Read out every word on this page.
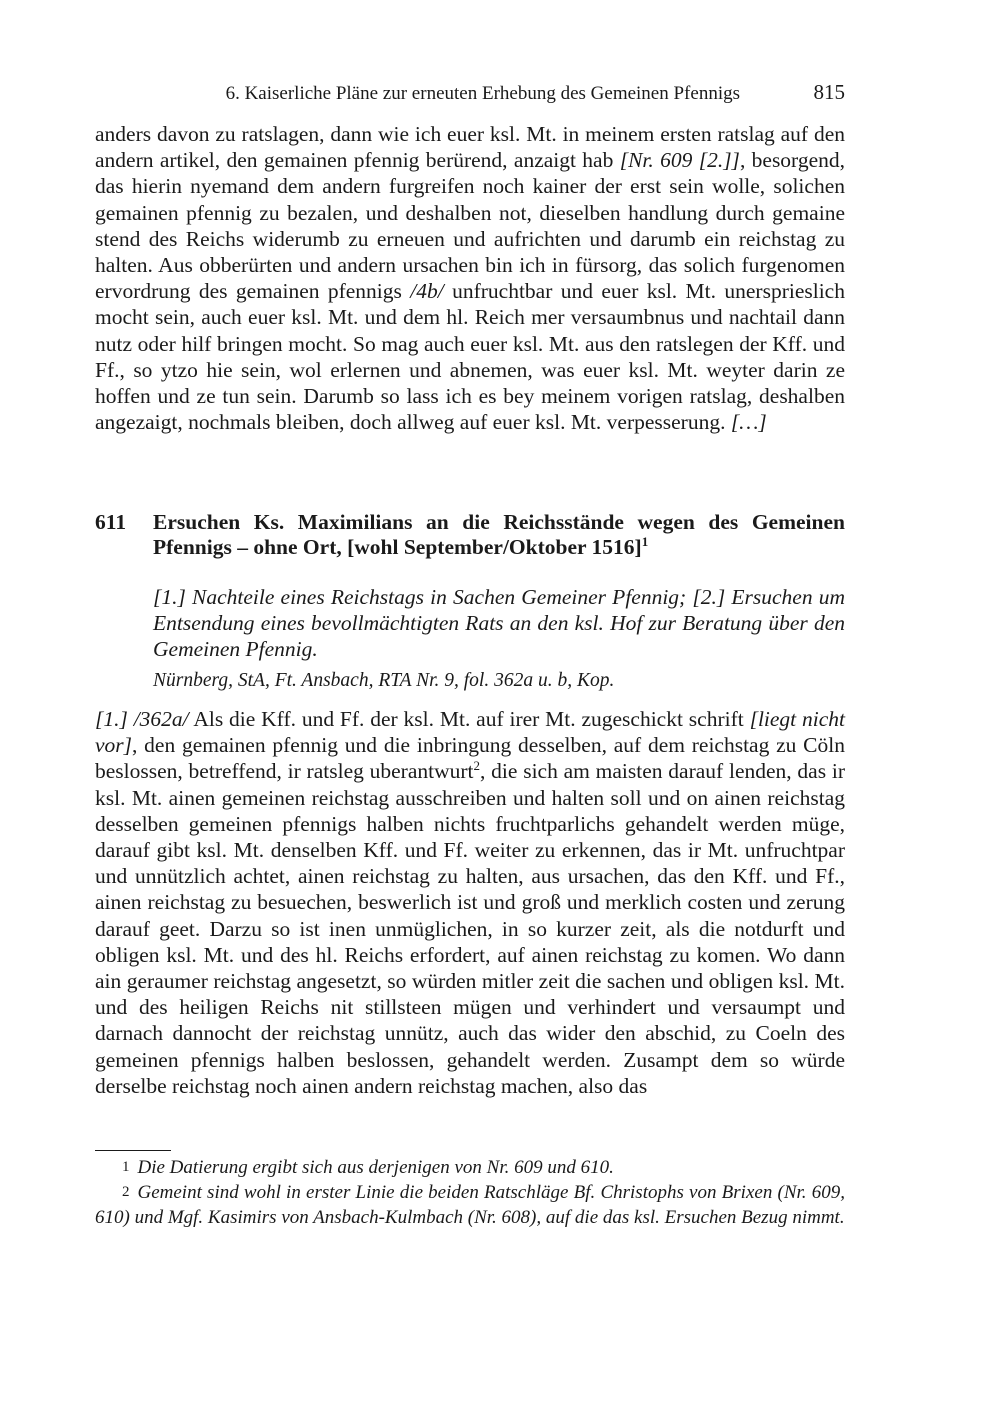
6. Kaiserliche Pläne zur erneuten Erhebung des Gemeinen Pfennigs	815

anders davon zu ratslagen, dann wie ich euer ksl. Mt. in meinem ersten ratslag auf den andern artikel, den gemainen pfennig berürend, anzaigt hab [Nr. 609 [2.]], besorgend, das hierin nyemand dem andern furgreifen noch kainer der erst sein wolle, solichen gemainen pfennig zu bezalen, und deshalben not, dieselben handlung durch gemaine stend des Reichs widerumb zu erneuen und aufrichten und darumb ein reichstag zu halten. Aus obberürten und andern ursachen bin ich in fürsorg, das solich furgenomen ervordrung des gemainen pfennigs /4b/ unfruchtbar und euer ksl. Mt. unersprieslich mocht sein, auch euer ksl. Mt. und dem hl. Reich mer versaumbnus und nachtail dann nutz oder hilf bringen mocht. So mag auch euer ksl. Mt. aus den ratslegen der Kff. und Ff., so ytzo hie sein, wol erlernen und abnemen, was euer ksl. Mt. weyter darin ze hoffen und ze tun sein. Darumb so lass ich es bey meinem vorigen ratslag, deshalben angezaigt, nochmals bleiben, doch allweg auf euer ksl. Mt. verpesserung. […]

611 Ersuchen Ks. Maximilians an die Reichsstände wegen des Gemeinen Pfennigs – ohne Ort, [wohl September/Oktober 1516]$^1$
[1.] Nachteile eines Reichstags in Sachen Gemeiner Pfennig; [2.] Ersuchen um Entsendung eines bevollmächtigten Rats an den ksl. Hof zur Beratung über den Gemeinen Pfennig.
Nürnberg, StA, Ft. Ansbach, RTA Nr. 9, fol. 362a u. b, Kop.

[1.] /362a/ Als die Kff. und Ff. der ksl. Mt. auf irer Mt. zugeschickt schrift [liegt nicht vor], den gemainen pfennig und die inbringung desselben, auf dem reichstag zu Cöln beslossen, betreffend, ir ratsleg uberantwurt$^2$, die sich am maisten darauf lenden, das ir ksl. Mt. ainen gemeinen reichstag ausschreiben und halten soll und on ainen reichstag desselben gemeinen pfennigs halben nichts fruchtparlichs gehandelt werden müge, darauf gibt ksl. Mt. denselben Kff. und Ff. weiter zu erkennen, das ir Mt. unfruchtpar und unnützlich achtet, ainen reichstag zu halten, aus ursachen, das den Kff. und Ff., ainen reichstag zu besuechen, beswerlich ist und groß und merklich costen und zerung darauf geet. Darzu so ist inen unmüglichen, in so kurzer zeit, als die notdurft und obligen ksl. Mt. und des hl. Reichs erfordert, auf ainen reichstag zu komen. Wo dann ain geraumer reichstag angesetzt, so würden mitler zeit die sachen und obligen ksl. Mt. und des heiligen Reichs nit stillsteen mügen und verhindert und versaumpt und darnach dannocht der reichstag unnütz, auch das wider den abschid, zu Coeln des gemeinen pfennigs halben beslossen, gehandelt werden. Zusampt dem so würde derselbe reichstag noch ainen andern reichstag machen, also das

1 Die Datierung ergibt sich aus derjenigen von Nr. 609 und 610.

2 Gemeint sind wohl in erster Linie die beiden Ratschläge Bf. Christophs von Brixen (Nr. 609, 610) und Mgf. Kasimirs von Ansbach-Kulmbach (Nr. 608), auf die das ksl. Ersuchen Bezug nimmt.
